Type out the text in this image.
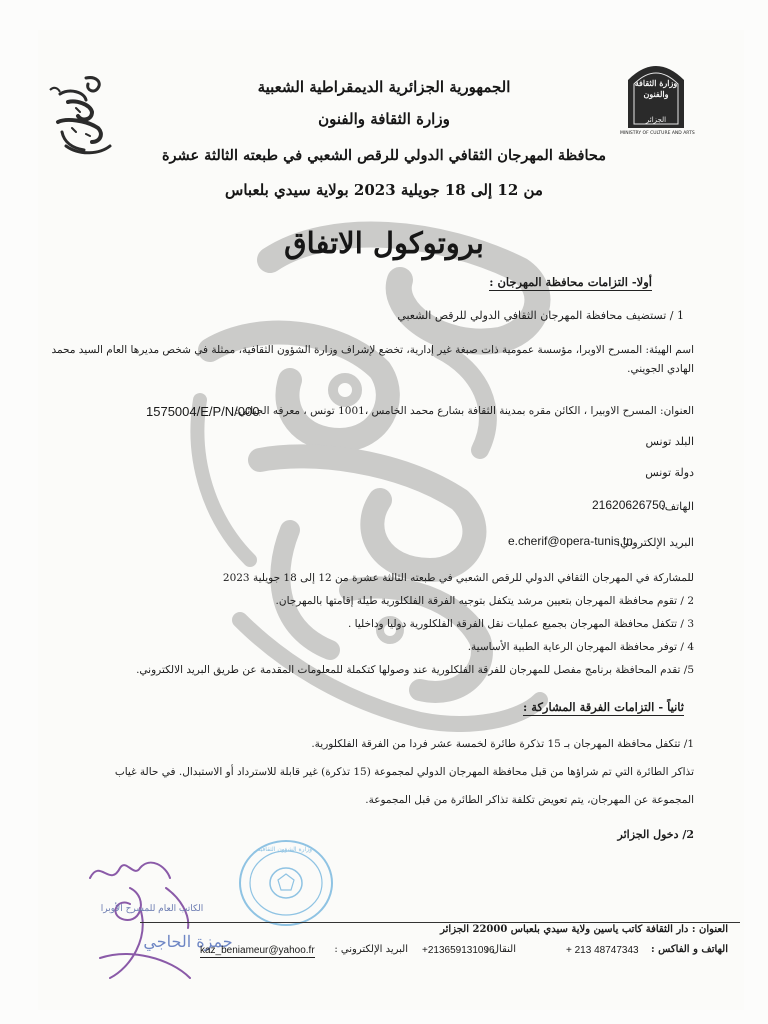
وزارة الثقافة والفنون
الجزائر
MINISTRY OF CULTURE AND ARTS
الجمهورية الجزائرية الديمقراطية الشعبية
وزارة الثقافة والفنون
محافظة المهرجان الثقافي الدولي للرقص الشعبي في طبعته الثالثة عشرة
من 12 إلى 18 جويلية 2023 بولاية سيدي بلعباس
بروتوكول الاتفاق
أولا- التزامات محافظة المهرجان :
1 / تستضيف محافظة المهرجان الثقافي الدولي للرقص الشعبي
اسم الهيئة: المسرح الاوبرا، مؤسسة عمومية ذات صبغة غير إدارية، تخضع لإشراف وزارة الشؤون الثقافية، ممثلة في شخص مديرها العام السيد محمد
الهادي الجويني.
العنوان: المسرح الاوبيرا ، الكائن مقره بمدينة الثقافة بشارع محمد الخامس ،1001 تونس ، معرفه الجبائي:
1575004/E/P/N/000
البلد تونس
دولة تونس
الهاتف:
21620626750
البريد الإلكتروني:
e.cherif@opera-tunis.tn
للمشاركة في المهرجان الثقافي الدولي للرقص الشعبي في طبعته الثالثة عشرة من 12 إلى 18 جويلية 2023
2 / تقوم محافظة المهرجان بتعيين مرشد يتكفل بتوجيه الفرقة الفلكلورية طيلة إقامتها بالمهرجان.
3 / تتكفل محافظة المهرجان بجميع عمليات نقل الفرقة الفلكلورية دوليا وداخليا .
4 / توفر محافظة المهرجان الرعاية الطبية الأساسية.
5/ تقدم المحافظة برنامج مفصل للمهرجان للفرقة الفلكلورية عند وصولها كتكملة للمعلومات المقدمة عن طريق البريد الالكتروني.
ثانياً - التزامات الفرقة المشاركة :
1/ تتكفل محافظة المهرجان بـ 15 تذكرة طائرة لخمسة عشر فردا من الفرقة الفلكلورية.
تذاكر الطائرة التي تم شراؤها من قبل محافظة المهرجان الدولي لمجموعة (15 تذكرة) غير قابلة للاسترداد أو الاستبدال. في حالة غياب
المجموعة عن المهرجان، يتم تعويض تكلفة تذاكر الطائرة من قبل المجموعة.
2/ دخول الجزائر
وزارة الشؤون الثقافية
الكاتب العام للمسرح الأوبرا
حمزة الحاجي
العنوان : دار الثقافة كاتب ياسين ولاية سيدي بلعباس 22000 الجزائر
الهاتف و الفاكس :
+ 213 48747343
النقال :
+213659131096
البريد الإلكتروني :
kaz_beniameur@yahoo.fr
